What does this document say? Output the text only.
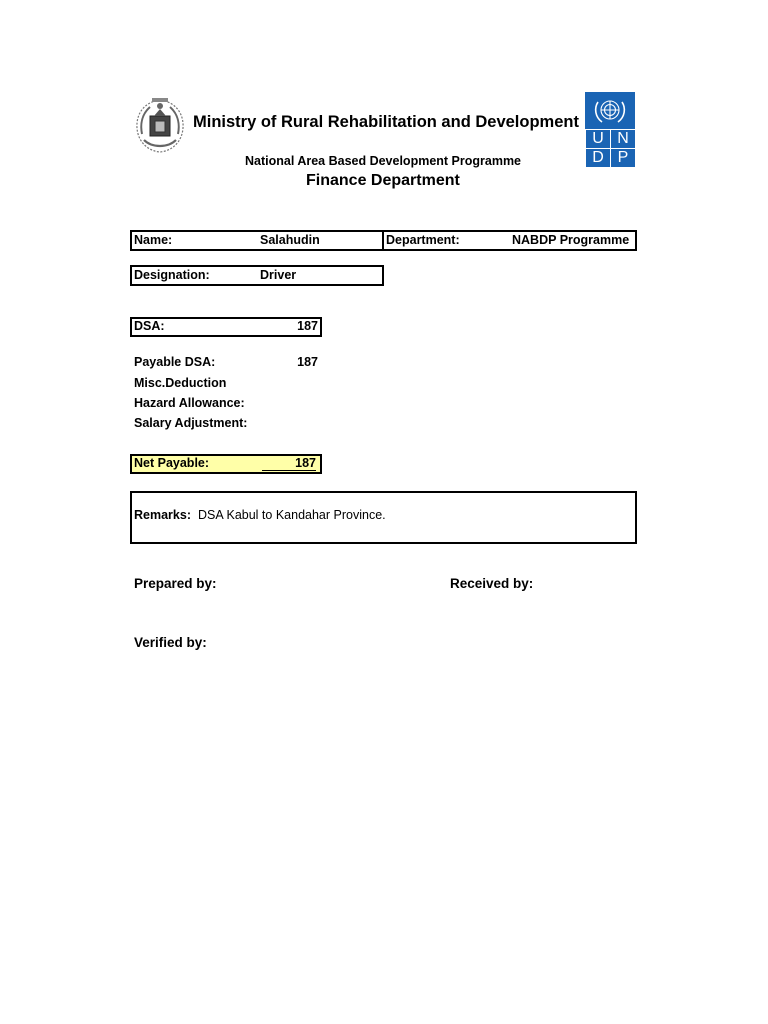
Ministry of Rural Rehabilitation and Development
U N
D P
National Area Based Development Programme
Finance Department
Name:	Salahudin	Department:	NABDP Programme
Designation:	Driver
DSA:	187
Payable DSA:	187
Misc.Deduction
Hazard Allowance:
Salary Adjustment:
Net Payable:	187
Remarks: DSA Kabul to Kandahar Province.
Prepared by:	Received by:
Verified by:
